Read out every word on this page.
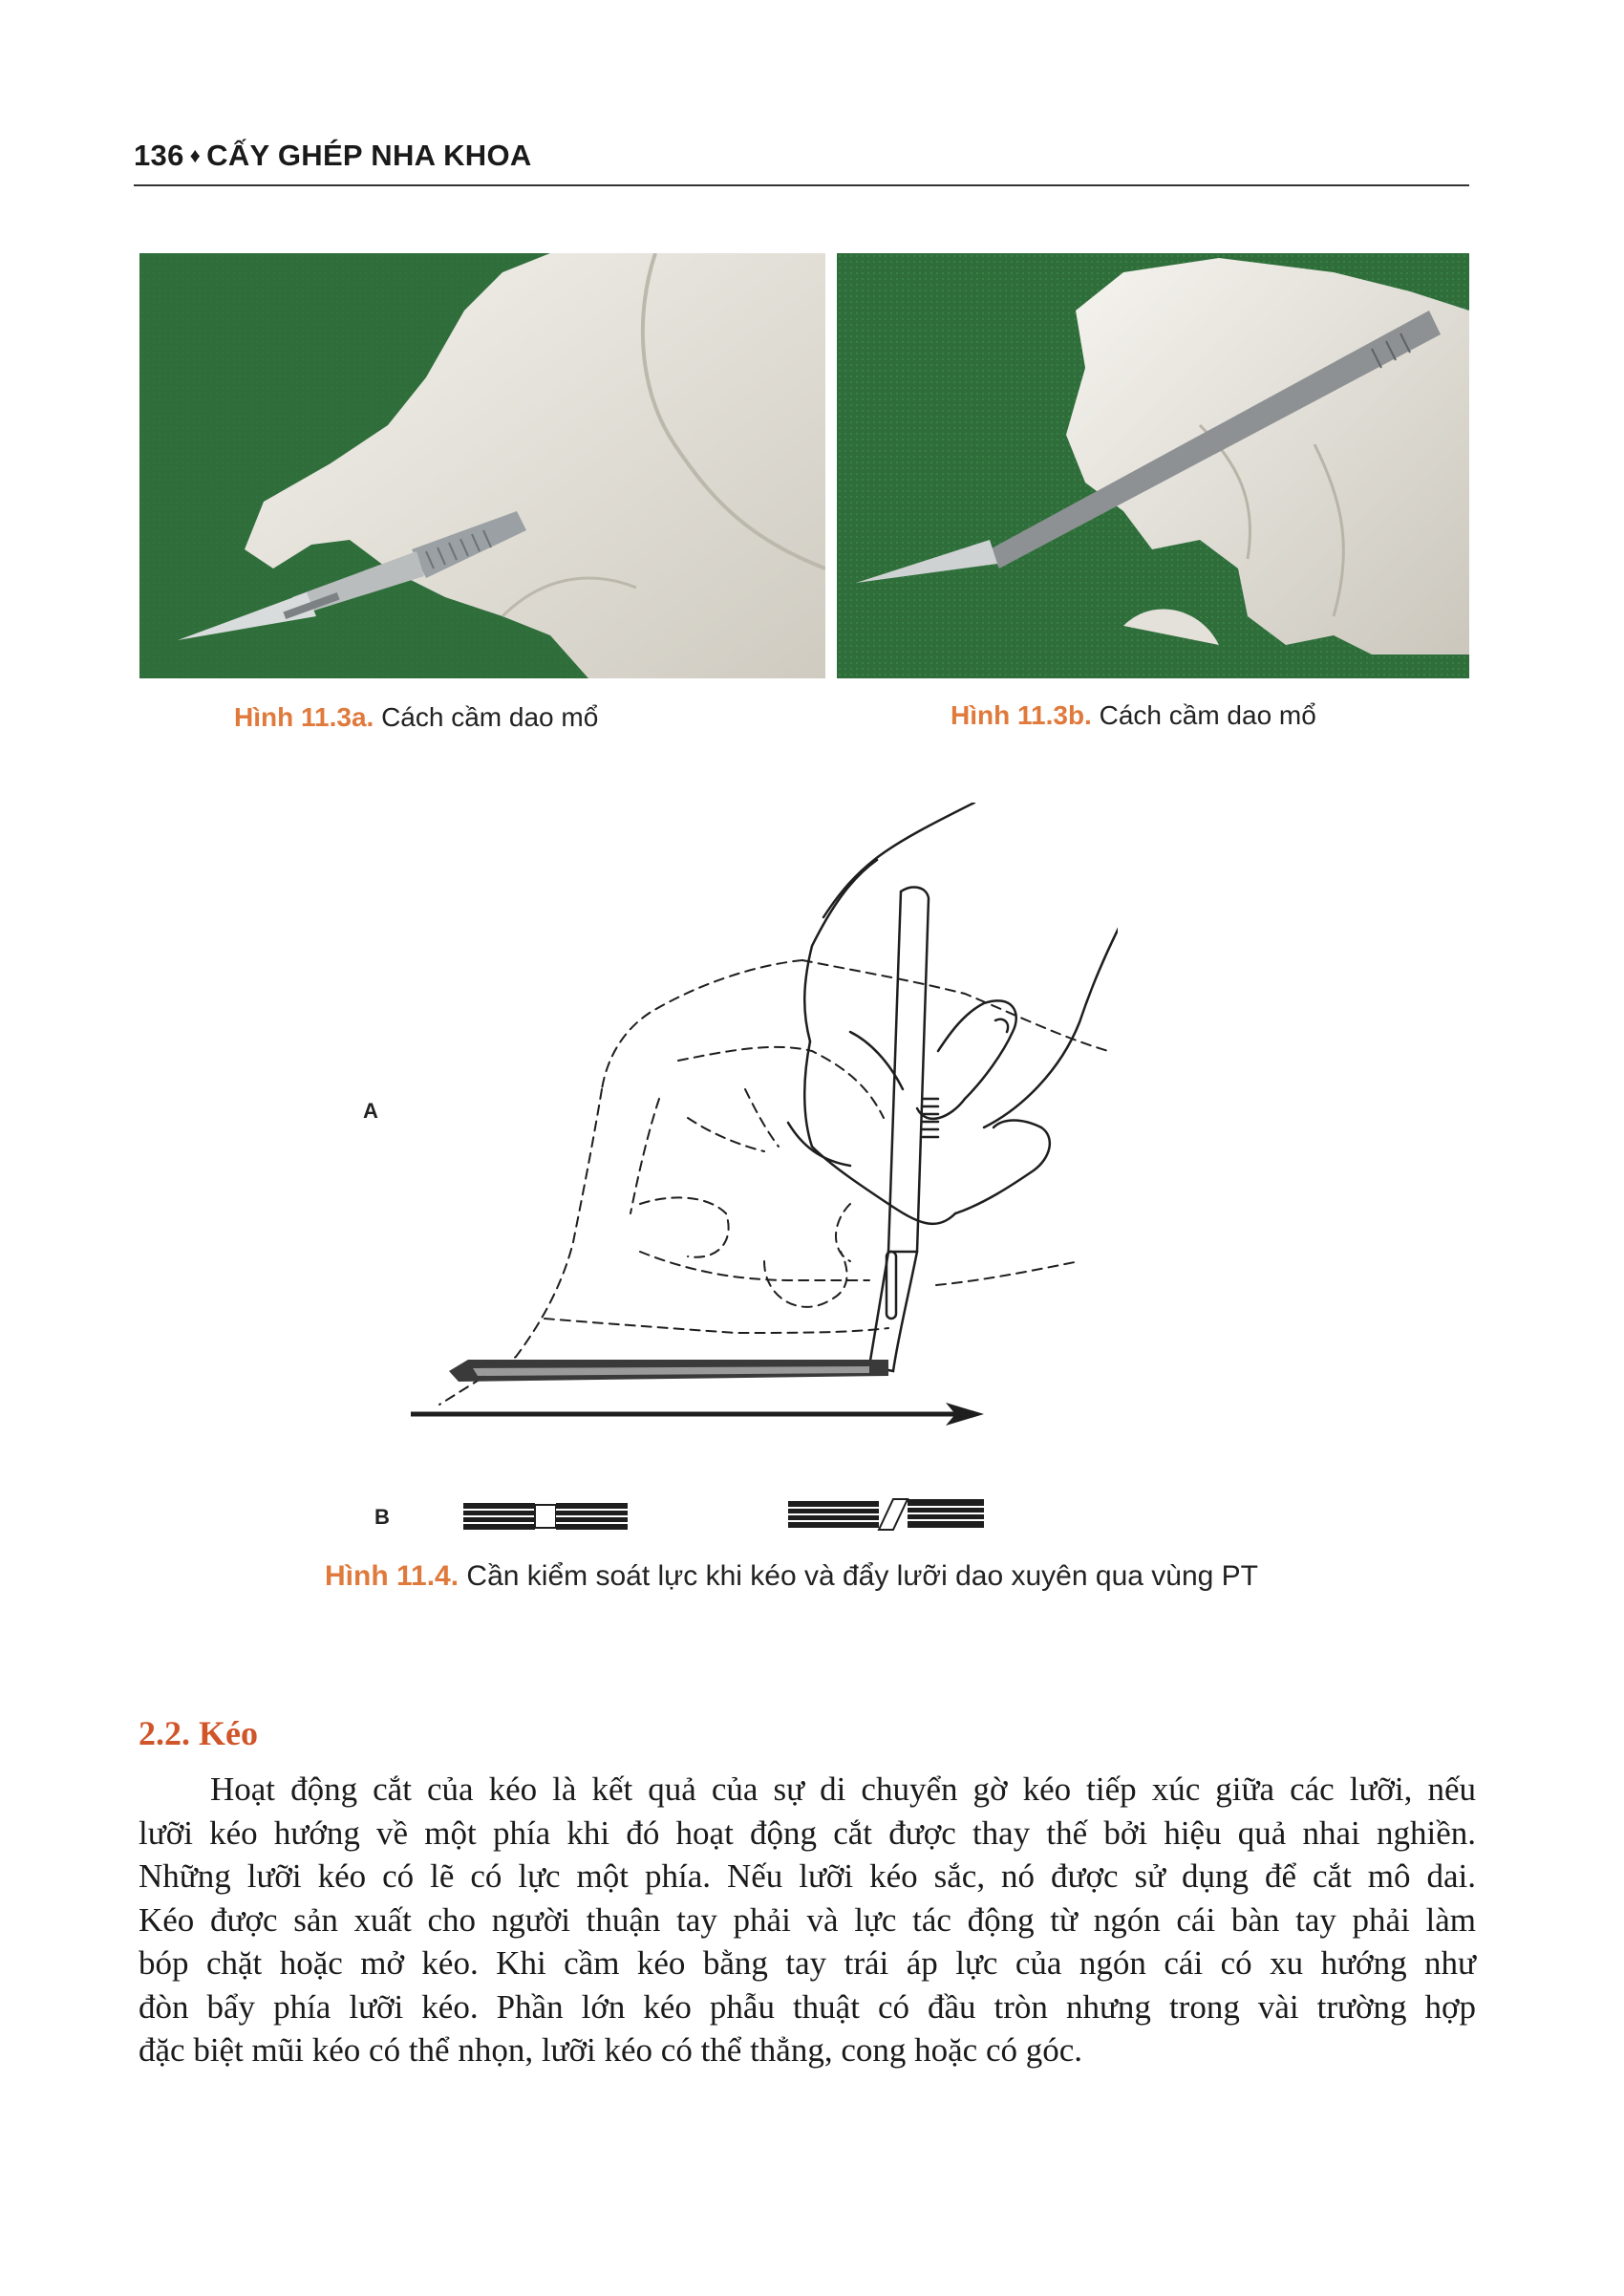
136 ♦ CẤY GHÉP NHA KHOA
Hình 11.3a. Cách cầm dao mổ	Hình 11.3b. Cách cầm dao mổ
A
B
Hình 11.4. Cần kiểm soát lực khi kéo và đẩy lưỡi dao xuyên qua vùng PT
2.2. Kéo

Hoạt động cắt của kéo là kết quả của sự di chuyển gờ kéo tiếp xúc giữa các lưỡi, nếu
lưỡi kéo hướng về một phía khi đó hoạt động cắt được thay thế bởi hiệu quả nhai nghiền.
Những lưỡi kéo có lẽ có lực một phía. Nếu lưỡi kéo sắc, nó được sử dụng để cắt mô dai.
Kéo được sản xuất cho người thuận tay phải và lực tác động từ ngón cái bàn tay phải làm
bóp chặt hoặc mở kéo. Khi cầm kéo bằng tay trái áp lực của ngón cái có xu hướng như
đòn bẩy phía lưỡi kéo. Phần lớn kéo phẫu thuật có đầu tròn nhưng trong vài trường hợp
đặc biệt mũi kéo có thể nhọn, lưỡi kéo có thể thẳng, cong hoặc có góc.
